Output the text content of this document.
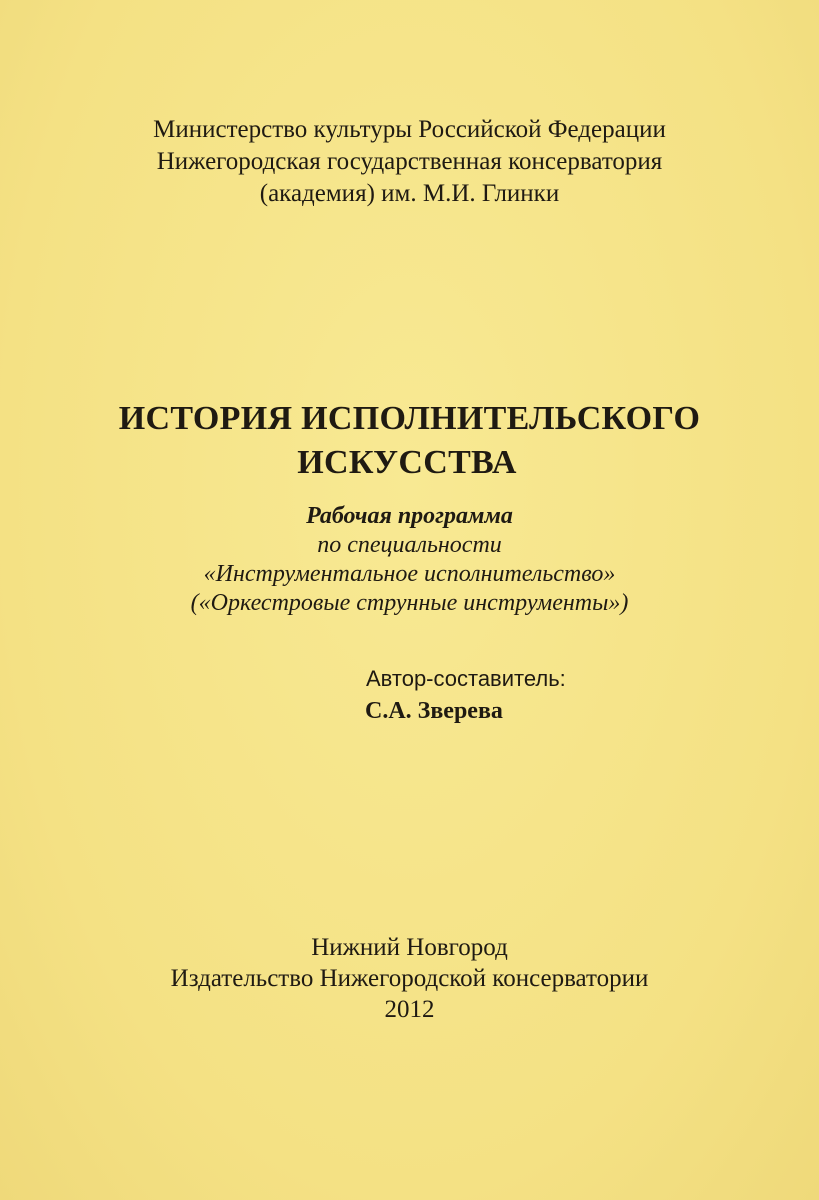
Министерство культуры Российской Федерации
Нижегородская государственная консерватория
(академия) им. М.И. Глинки
ИСТОРИЯ ИСПОЛНИТЕЛЬСКОГО
ИСКУССТВА
Рабочая программа
по специальности
«Инструментальное исполнительство»
(«Оркестровые струнные инструменты»)
Автор-составитель:
С.А. Зверева
Нижний Новгород
Издательство Нижегородской консерватории
2012
